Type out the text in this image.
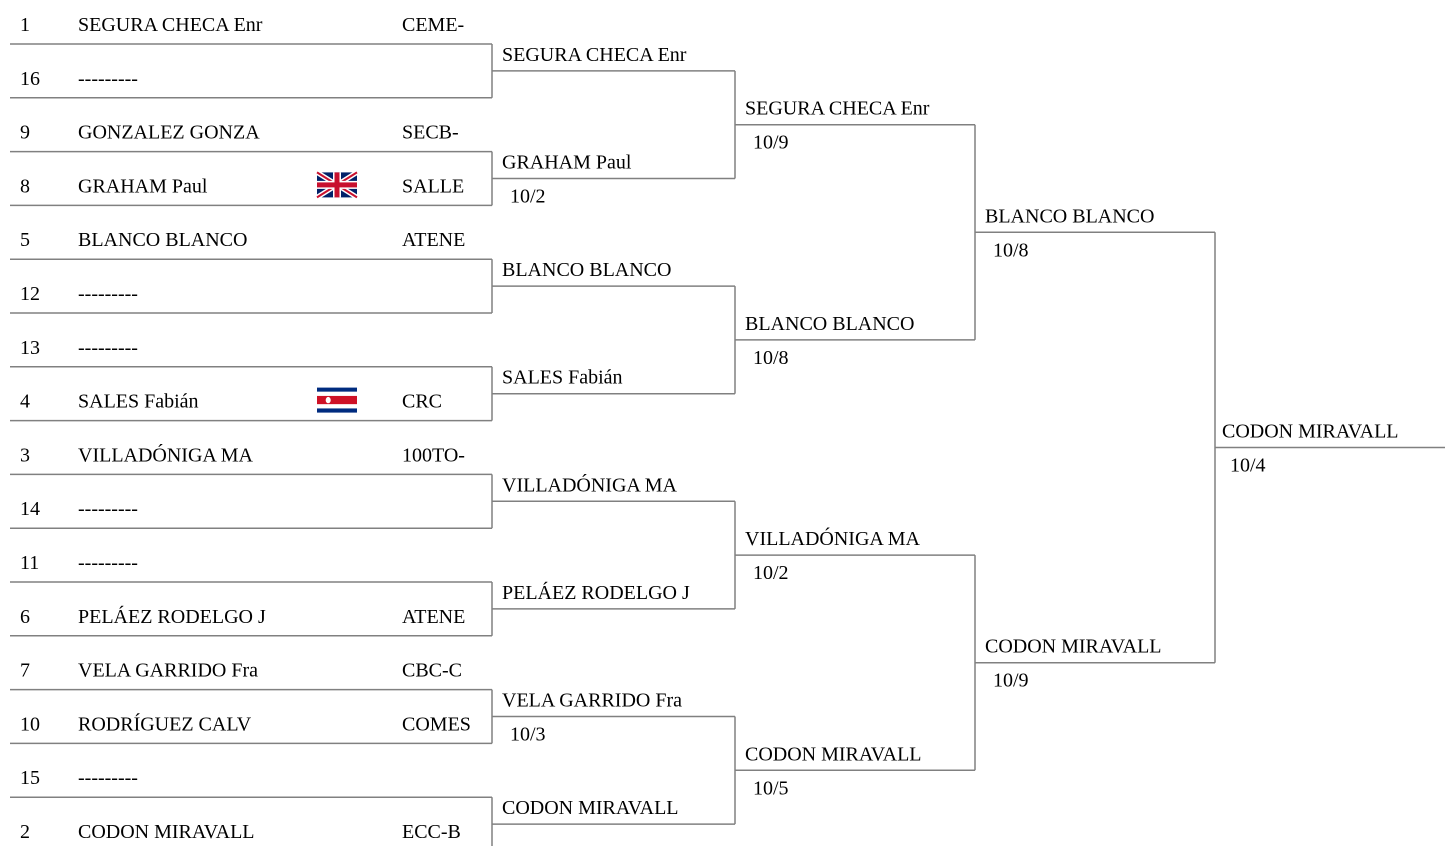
1 SEGURA CHECA Enr	CEME-
16 ---------
9 GONZALEZ GONZA	SECB-
8 GRAHAM Paul	SALLE
5 BLANCO BLANCO	ATENE
12 ---------
13 ---------
4 SALES Fabián	CRC
3 VILLADÓNIGA MA	100TO-
14 ---------
11 ---------
6 PELÁEZ RODELGO J	ATENE
7 VELA GARRIDO Fra	CBC-C
10 RODRÍGUEZ CALV	COMES
15 ---------
2 CODON MIRAVALL	ECC-B
SEGURA CHECA Enr
GRAHAM Paul
10/2
BLANCO BLANCO
SALES Fabián
VILLADÓNIGA MA
PELÁEZ RODELGO J
VELA GARRIDO Fra
10/3
CODON MIRAVALL
SEGURA CHECA Enr
10/9
BLANCO BLANCO
10/8
VILLADÓNIGA MA
10/2
CODON MIRAVALL
10/5
BLANCO BLANCO
10/8
CODON MIRAVALL
10/9
CODON MIRAVALL
10/4
